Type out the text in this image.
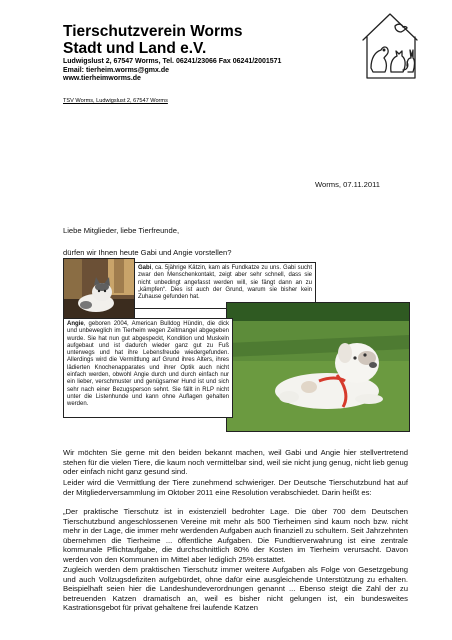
Tierschutzverein Worms
Stadt und Land e.V.
Ludwigslust 2, 67547 Worms, Tel. 06241/23066 Fax 06241/2001571
Email: tierheim.worms@gmx.de
www.tierheimworms.de
TSV Worms, Ludwigslust 2, 67547 Worms
Worms, 07.11.2011
Liebe Mitglieder, liebe Tierfreunde,
dürfen wir Ihnen heute Gabi und Angie vorstellen?
Gabi, ca. 5jährige Kätzin, kam als Fundkatze zu uns. Gabi sucht zwar den Menschenkontakt, zeigt aber sehr schnell, dass sie nicht unbedingt angefasst werden will, sie fängt dann an zu „kämpfen“. Dies ist auch der Grund, warum sie bisher kein Zuhause gefunden hat.
Angie, geboren 2004, American Bulldog Hündin, die dick und unbeweglich im Tierheim wegen Zeitmangel abgegeben wurde. Sie hat nun gut abgespeckt, Kondition und Muskeln aufgebaut und ist dadurch wieder ganz gut zu Fuß unterwegs und hat ihre Lebensfreude wiedergefunden. Allerdings wird die Vermittlung auf Grund ihres Alters, ihres lädierten Knochenapparates und ihrer Optik auch nicht einfach werden, obwohl Angie durch und durch einfach nur ein lieber, verschmuster und genügsamer Hund ist und sich sehr nach einer Bezugsperson sehnt. Sie fällt in RLP nicht unter die Listenhunde und kann ohne Auflagen gehalten werden.

Wir möchten Sie gerne mit den beiden bekannt machen, weil Gabi und Angie hier stellvertretend stehen für die vielen Tiere, die kaum noch vermittelbar sind, weil sie nicht jung genug, nicht lieb genug oder einfach nicht ganz gesund sind.

Leider wird die Vermittlung der Tiere zunehmend schwieriger. Der Deutsche Tierschutzbund hat auf der Mitgliederversammlung im Oktober 2011 eine Resolution verabschiedet. Darin heißt es:

„Der praktische Tierschutz ist in existenziell bedrohter Lage. Die über 700 dem Deutschen Tierschutzbund angeschlossenen Vereine mit mehr als 500 Tierheimen sind kaum noch bzw. nicht mehr in der Lage, die immer mehr werdenden Aufgaben auch finanziell zu schultern. Seit Jahrzehnten übernehmen die Tierheime ... öffentliche Aufgaben. Die Fundtierverwahrung ist eine zentrale kommunale Pflichtaufgabe, die durchschnittlich 80% der Kosten im Tierheim verursacht. Davon werden von den Kommunen im Mittel aber lediglich 25% erstattet.

Zugleich werden dem praktischen Tierschutz immer weitere Aufgaben als Folge von Gesetzgebung und auch Vollzugsdefiziten aufgebürdet, ohne dafür eine ausgleichende Unterstützung zu erhalten. Beispielhaft seien hier die Landeshundeverordnungen genannt ... Ebenso steigt die Zahl der zu betreuenden Katzen dramatisch an, weil es bisher nicht gelungen ist, ein bundesweites Kastrationsgebot für privat gehaltene frei laufende Katzen
